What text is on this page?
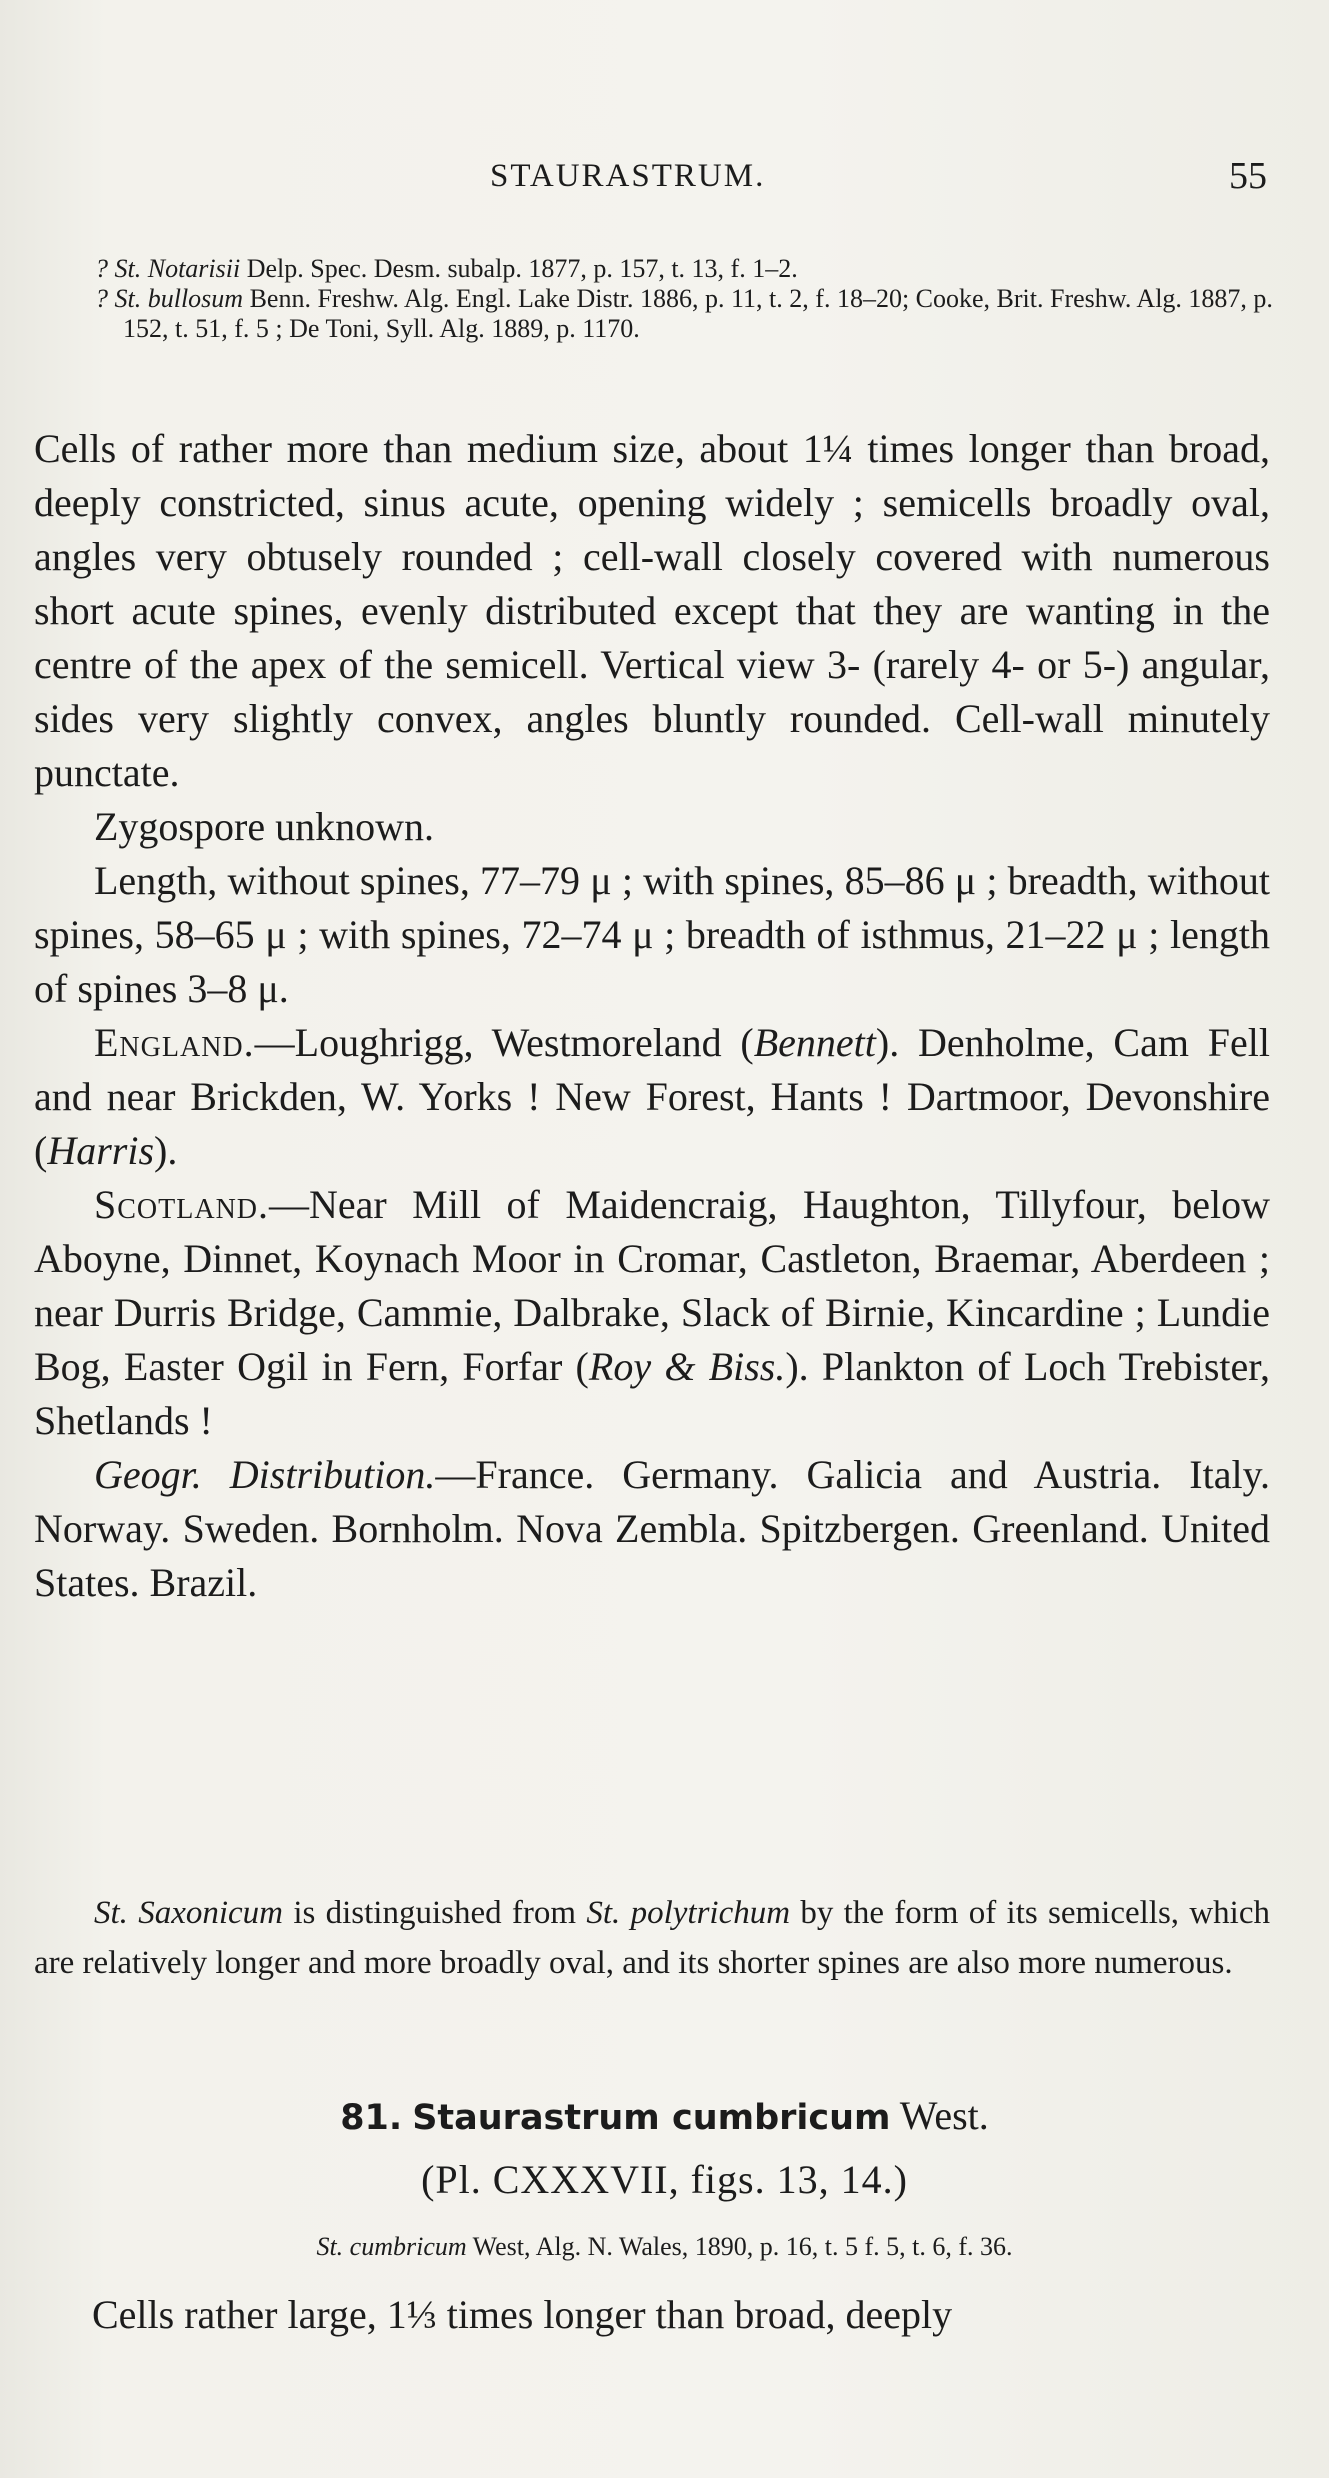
STAURASTRUM.	55
? St. Notarisii Delp. Spec. Desm. subalp. 1877, p. 157, t. 13, f. 1–2.
? St. bullosum Benn. Freshw. Alg. Engl. Lake Distr. 1886, p. 11, t. 2, f. 18–20; Cooke, Brit. Freshw. Alg. 1887, p. 152, t. 51, f. 5 ; De Toni, Syll. Alg. 1889, p. 1170.

Cells of rather more than medium size, about 1¼ times longer than broad, deeply constricted, sinus acute, opening widely ; semicells broadly oval, angles very obtusely rounded ; cell-wall closely covered with numerous short acute spines, evenly distributed except that they are wanting in the centre of the apex of the semicell. Vertical view 3- (rarely 4- or 5-) angular, sides very slightly convex, angles bluntly rounded. Cell-wall minutely punctate.

Zygospore unknown.

Length, without spines, 77–79 μ ; with spines, 85–86 μ ; breadth, without spines, 58–65 μ ; with spines, 72–74 μ ; breadth of isthmus, 21–22 μ ; length of spines 3–8 μ.

England.—Loughrigg, Westmoreland (Bennett). Denholme, Cam Fell and near Brickden, W. Yorks ! New Forest, Hants ! Dartmoor, Devonshire (Harris).

Scotland.—Near Mill of Maidencraig, Haughton, Tillyfour, below Aboyne, Dinnet, Koynach Moor in Cromar, Castleton, Braemar, Aberdeen ; near Durris Bridge, Cammie, Dalbrake, Slack of Birnie, Kincardine ; Lundie Bog, Easter Ogil in Fern, Forfar (Roy & Biss.). Plankton of Loch Trebister, Shetlands !

Geogr. Distribution.—France. Germany. Galicia and Austria. Italy. Norway. Sweden. Bornholm. Nova Zembla. Spitzbergen. Greenland. United States. Brazil.

St. Saxonicum is distinguished from St. polytrichum by the form of its semicells, which are relatively longer and more broadly oval, and its shorter spines are also more numerous.
81. Staurastrum cumbricum West.
(Pl. CXXXVII, figs. 13, 14.)
St. cumbricum West, Alg. N. Wales, 1890, p. 16, t. 5 f. 5, t. 6, f. 36.
Cells rather large, 1⅓ times longer than broad, deeply
